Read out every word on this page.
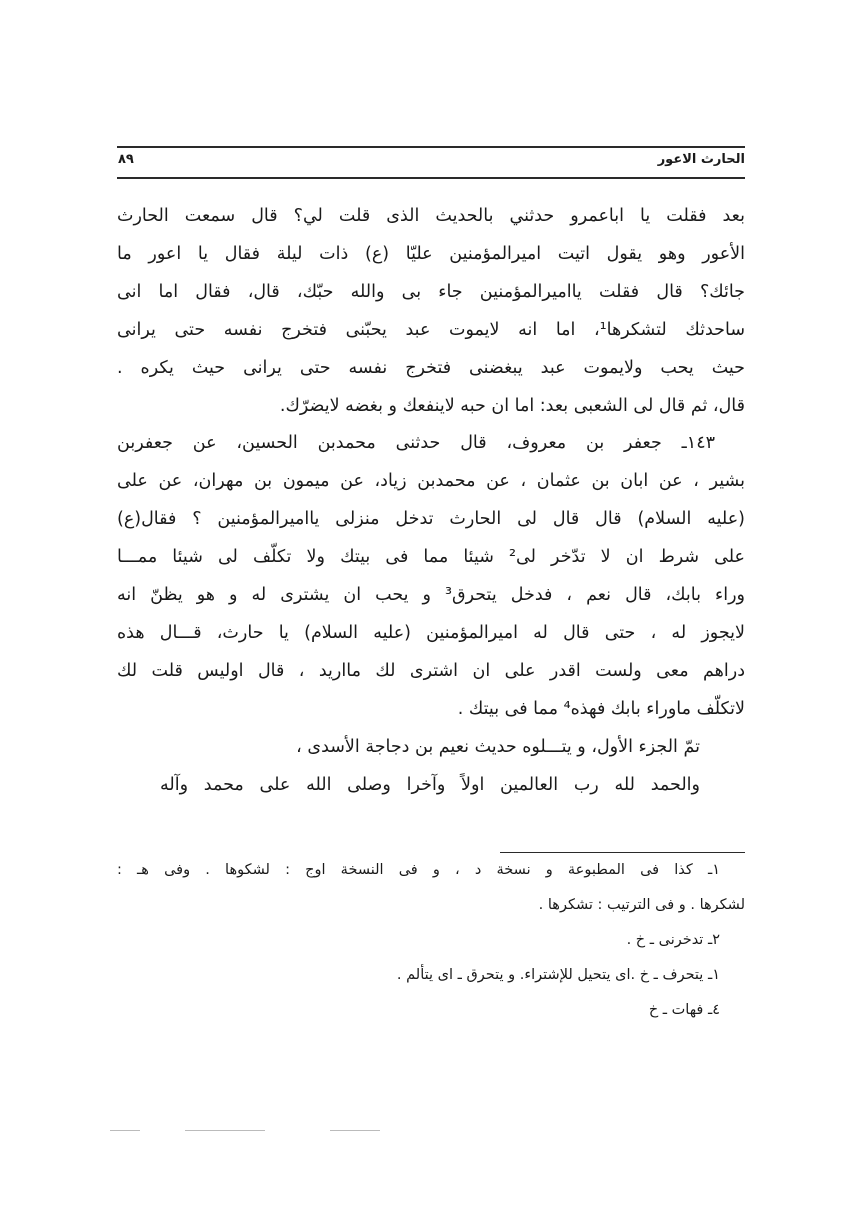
٨٩	الحارث الاعور
بعد فقلت يا اباعمرو حدثني بالحديث الذى قلت لي؟ قال سمعت الحارث
الأعور وهو يقول اتيت اميرالمؤمنين عليّا (ع) ذات ليلة فقال يا اعور ما
جائك؟ قال فقلت يااميرالمؤمنين جاء بى والله حبّك، قال، فقال اما انى
ساحدثك لتشكرها¹، اما انه لايموت عبد يحبّنى فتخرج نفسه حتى يرانى
حيث يحب ولايموت عبد يبغضنى فتخرج نفسه حتى يرانى حيث يكره .
قال، ثم قال لى الشعبى بعد: اما ان حبه لاينفعك و بغضه لايضرّك.
١٤٣ـ جعفر بن معروف، قال حدثنى محمدبن الحسين، عن جعفربن
بشير ، عن ابان بن عثمان ، عن محمدبن زياد، عن ميمون بن مهران، عن على
(عليه السلام) قال قال لى الحارث تدخل منزلى يااميرالمؤمنين ؟ فقال(ع)
على شرط ان لا تدّخر لى² شيئا مما فى بيتك ولا تكلّف لى شيئا ممـــا
وراء بابك، قال نعم ، فدخل يتحرق³ و يحب ان يشترى له و هو يظنّ انه
لايجوز له ، حتى قال له اميرالمؤمنين (عليه السلام) يا حارث، قـــال هذه
دراهم معى ولست اقدر على ان اشترى لك مااريد ، قال اوليس قلت لك
لاتكلّف ماوراء بابك فهذه⁴ مما فى بيتك .
تمّ الجزء الأول، و يتـــلوه حديث نعيم بن دجاجة الأسدى ،
والحمد لله رب العالمين اولاً وآخرا وصلى الله على محمد وآله
١ـ كذا فى المطبوعة و نسخة د ، و فى النسخة اوج : لشكوها . وفى هـ :
لشكرها . و فى الترتيب : تشكرها .
٢ـ تدخرنى ـ خ .
١ـ يتحرف ـ خ .اى يتحيل للإشتراء. و يتحرق ـ اى يتألم .
٤ـ فهات ـ خ
